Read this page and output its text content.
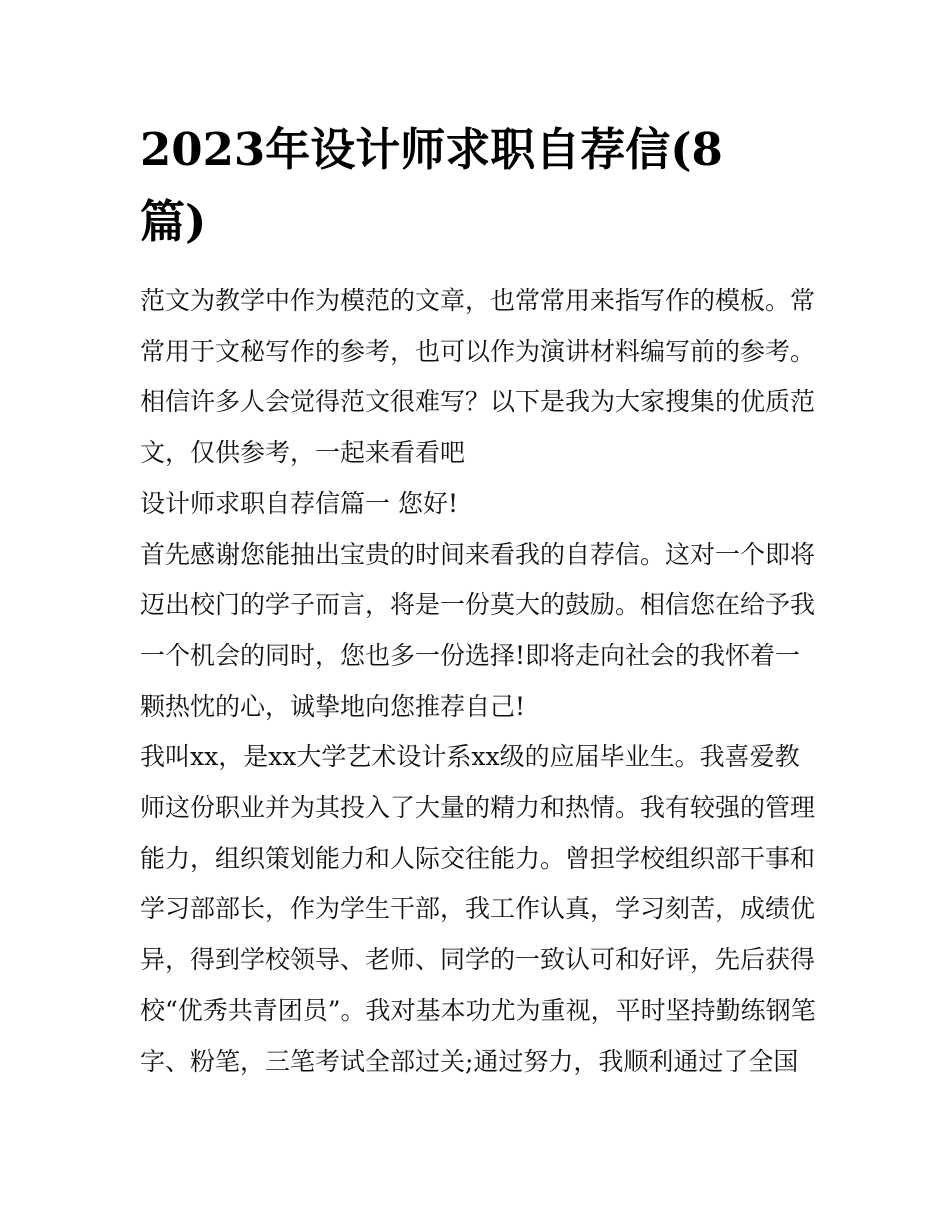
2023年设计师求职自荐信(8
篇)

范文为教学中作为模范的文章，也常常用来指写作的模板。常

常用于文秘写作的参考，也可以作为演讲材料编写前的参考。

相信许多人会觉得范文很难写？以下是我为大家搜集的优质范

文，仅供参考，一起来看看吧

设计师求职自荐信篇一 您好!

首先感谢您能抽出宝贵的时间来看我的自荐信。这对一个即将

迈出校门的学子而言，将是一份莫大的鼓励。相信您在给予我

一个机会的同时，您也多一份选择!即将走向社会的我怀着一

颗热忱的心，诚挚地向您推荐自己!

我叫xx，是xx大学艺术设计系xx级的应届毕业生。我喜爱教

师这份职业并为其投入了大量的精力和热情。我有较强的管理

能力，组织策划能力和人际交往能力。曾担学校组织部干事和

学习部部长，作为学生干部，我工作认真，学习刻苦，成绩优

异，得到学校领导、老师、同学的一致认可和好评，先后获得

校“优秀共青团员”。我对基本功尤为重视，平时坚持勤练钢笔

字、粉笔，三笔考试全部过关;通过努力，我顺利通过了全国
